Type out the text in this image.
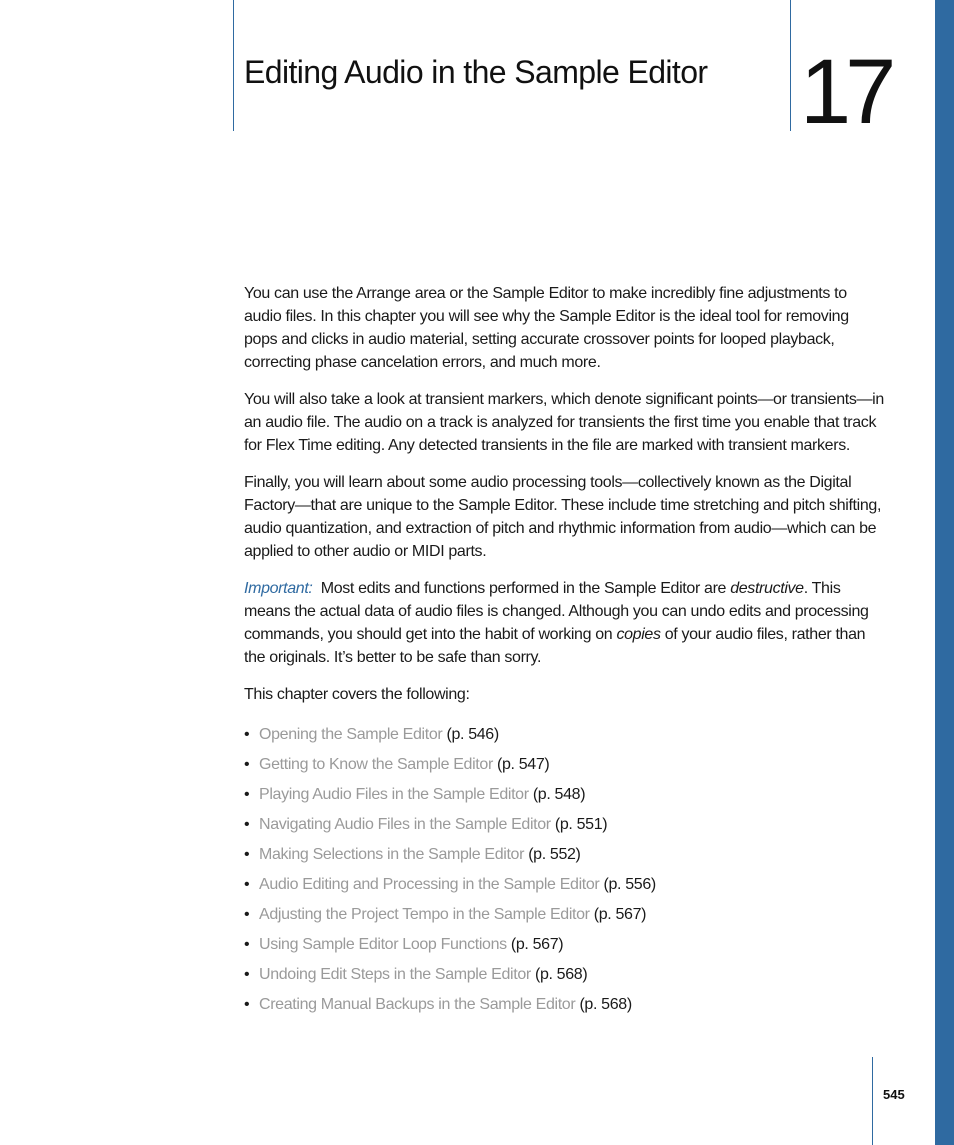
Editing Audio in the Sample Editor 17

You can use the Arrange area or the Sample Editor to make incredibly fine adjustments to audio files. In this chapter you will see why the Sample Editor is the ideal tool for removing pops and clicks in audio material, setting accurate crossover points for looped playback, correcting phase cancelation errors, and much more.

You will also take a look at transient markers, which denote significant points—or transients—in an audio file. The audio on a track is analyzed for transients the first time you enable that track for Flex Time editing. Any detected transients in the file are marked with transient markers.

Finally, you will learn about some audio processing tools—collectively known as the Digital Factory—that are unique to the Sample Editor. These include time stretching and pitch shifting, audio quantization, and extraction of pitch and rhythmic information from audio—which can be applied to other audio or MIDI parts.

Important: Most edits and functions performed in the Sample Editor are destructive. This means the actual data of audio files is changed. Although you can undo edits and processing commands, you should get into the habit of working on copies of your audio files, rather than the originals. It’s better to be safe than sorry.

This chapter covers the following:

• Opening the Sample Editor (p. 546)
• Getting to Know the Sample Editor (p. 547)
• Playing Audio Files in the Sample Editor (p. 548)
• Navigating Audio Files in the Sample Editor (p. 551)
• Making Selections in the Sample Editor (p. 552)
• Audio Editing and Processing in the Sample Editor (p. 556)
• Adjusting the Project Tempo in the Sample Editor (p. 567)
• Using Sample Editor Loop Functions (p. 567)
• Undoing Edit Steps in the Sample Editor (p. 568)
• Creating Manual Backups in the Sample Editor (p. 568)
545
